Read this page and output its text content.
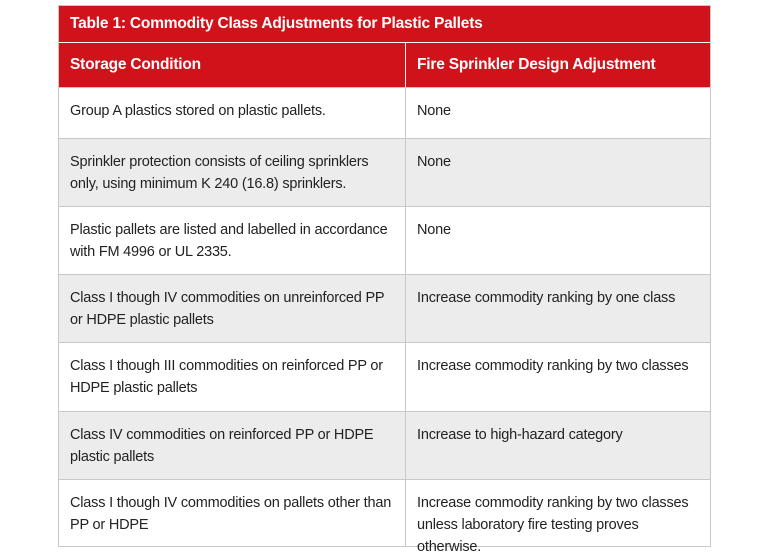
Table 1: Commodity Class Adjustments for Plastic Pallets
Storage Condition	Fire Sprinkler Design Adjustment
Group A plastics stored on plastic pallets.	None
Sprinkler protection consists of ceiling sprinklers only, using minimum K 240 (16.8) sprinklers.
None
Plastic pallets are listed and labelled in accordance with FM 4996 or UL 2335.
None
Class I though IV commodities on unreinforced PP or HDPE plastic pallets
Increase commodity ranking by one class
Class I though III commodities on reinforced PP or HDPE plastic pallets
Increase commodity ranking by two classes
Class IV commodities on reinforced PP or HDPE plastic pallets
Increase to high-hazard category
Class I though IV commodities on pallets other than PP or HDPE
Increase commodity ranking by two classes unless laboratory fire testing proves otherwise.
